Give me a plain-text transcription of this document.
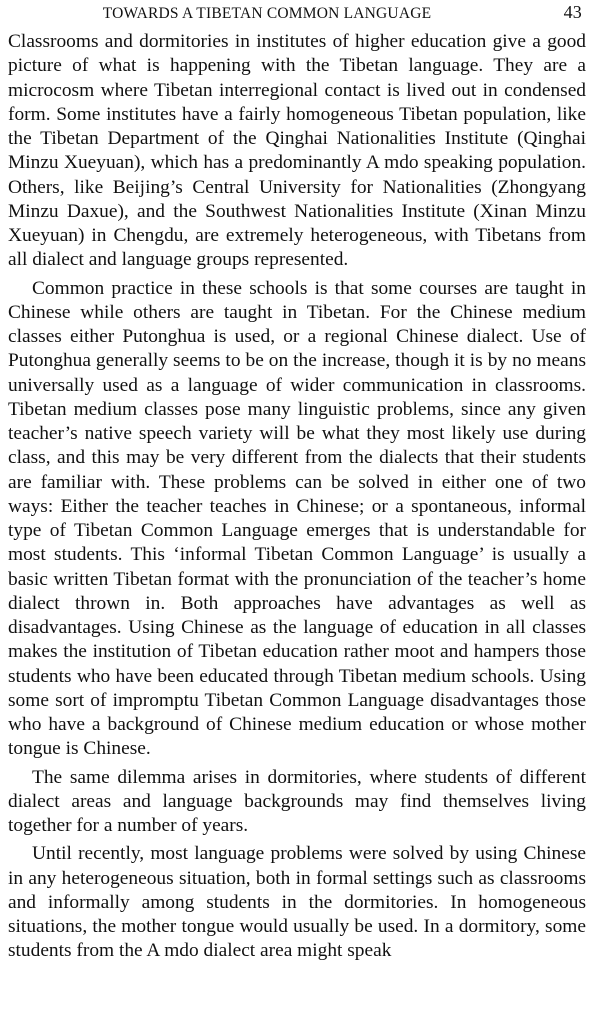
TOWARDS A TIBETAN COMMON LANGUAGE	43

Classrooms and dormitories in institutes of higher education give a good picture of what is happening with the Tibetan language. They are a microcosm where Tibetan interregional contact is lived out in condensed form. Some institutes have a fairly homogeneous Tibetan population, like the Tibetan Department of the Qinghai Nationalities Institute (Qinghai Minzu Xueyuan), which has a predominantly A mdo speaking population. Others, like Beijing’s Central University for Nationalities (Zhongyang Minzu Daxue), and the Southwest Nationalities Institute (Xinan Minzu Xueyuan) in Chengdu, are extremely heterogeneous, with Tibetans from all dialect and language groups represented.

Common practice in these schools is that some courses are taught in Chinese while others are taught in Tibetan. For the Chinese medium classes either Putonghua is used, or a regional Chinese dialect. Use of Putonghua generally seems to be on the increase, though it is by no means universally used as a language of wider communication in classrooms. Tibetan medium classes pose many linguistic problems, since any given teacher’s native speech variety will be what they most likely use during class, and this may be very different from the dialects that their students are familiar with. These problems can be solved in either one of two ways: Either the teacher teaches in Chinese; or a spontaneous, informal type of Tibetan Common Language emerges that is understandable for most students. This ‘informal Tibetan Common Language’ is usually a basic written Tibetan format with the pronunciation of the teacher’s home dialect thrown in. Both approaches have advantages as well as disadvantages. Using Chinese as the language of education in all classes makes the institution of Tibetan education rather moot and hampers those students who have been educated through Tibetan medium schools. Using some sort of impromptu Tibetan Common Language disadvantages those who have a background of Chinese medium education or whose mother tongue is Chinese.

The same dilemma arises in dormitories, where students of different dialect areas and language backgrounds may find themselves living together for a number of years.

Until recently, most language problems were solved by using Chinese in any heterogeneous situation, both in formal settings such as classrooms and informally among students in the dormitories. In homogeneous situations, the mother tongue would usually be used. In a dormitory, some students from the A mdo dialect area might speak
